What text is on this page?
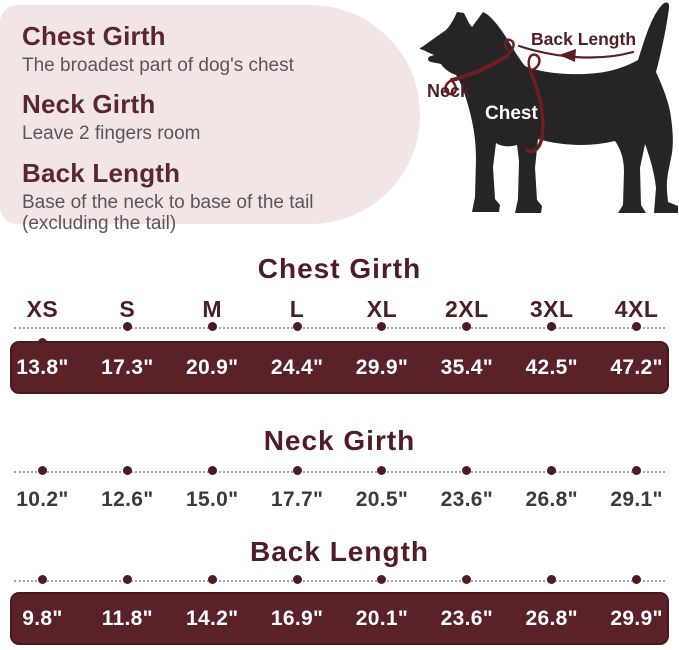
Chest Girth
The broadest part of dog's chest
Neck Girth
Leave 2 fingers room
Back Length
Base of the neck to base of the tail
(excluding the tail)
Back Length
Neck
Chest
Chest Girth
XS	S	M	L	XL	2XL	3XL	4XL
13.8"	17.3"	20.9"	24.4"	29.9"	35.4"	42.5"	47.2"
Neck Girth
10.2"	12.6"	15.0"	17.7"	20.5"	23.6"	26.8"	29.1"
Back Length
9.8"	11.8"	14.2"	16.9"	20.1"	23.6"	26.8"	29.9"
